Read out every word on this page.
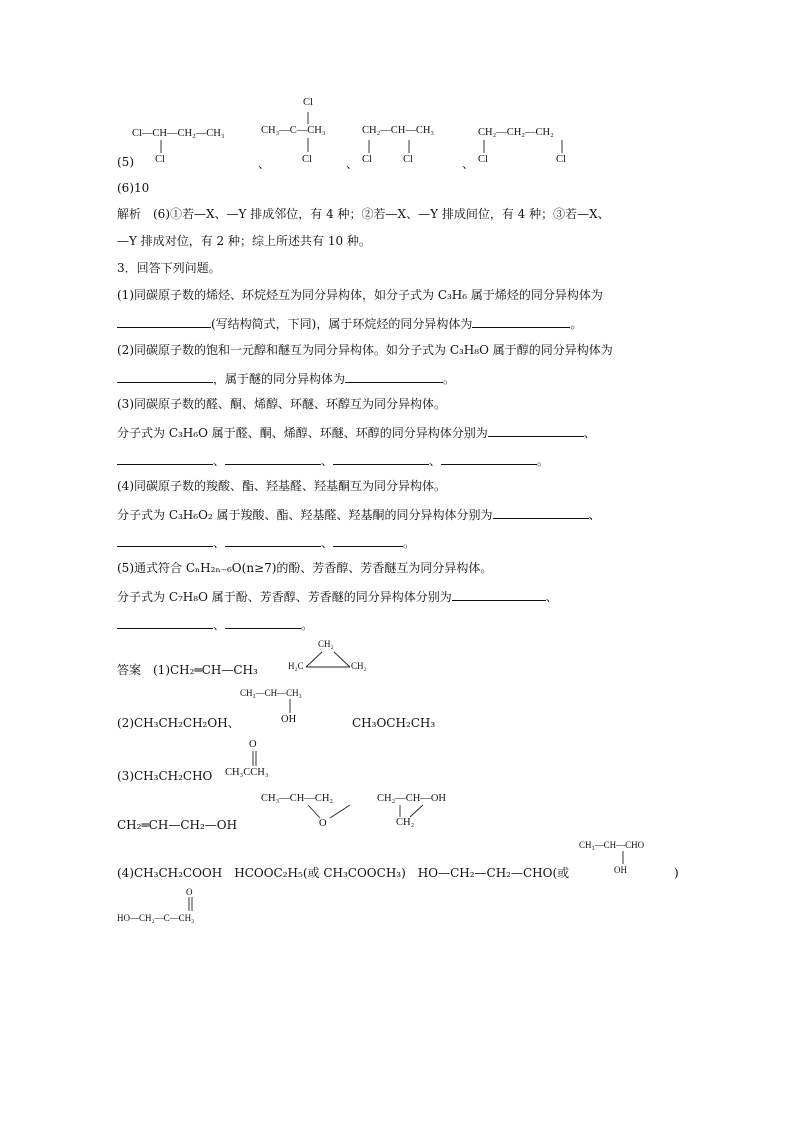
Cl
Cl—CH—CH₂—CH₃	CH₃—C—CH₃	CH₂—CH—CH₃	CH₂—CH₂—CH₂
(5) Cl	、	Cl	、 Cl	Cl	、 Cl	Cl
(6)10
解析　(6)①若—X、—Y 排成邻位，有 4 种；②若—X、—Y 排成间位，有 4 种；③若—X、
—Y 排成对位，有 2 种；综上所述共有 10 种。
3．回答下列问题。
(1)同碳原子数的烯烃、环烷烃互为同分异构体，如分子式为 C₃H₆ 属于烯烃的同分异构体为
(写结构简式，下同)，属于环烷烃的同分异构体为	。
(2)同碳原子数的饱和一元醇和醚互为同分异构体。如分子式为 C₃H₈O 属于醇的同分异构体为
，属于醚的同分异构体为	。
(3)同碳原子数的醛、酮、烯醇、环醚、环醇互为同分异构体。
分子式为 C₃H₆O 属于醛、酮、烯醇、环醚、环醇的同分异构体分别为	、
、	、	、	。
(4)同碳原子数的羧酸、酯、羟基醛、羟基酮互为同分异构体。
分子式为 C₃H₆O₂ 属于羧酸、酯、羟基醛、羟基酮的同分异构体分别为	、
、	、	。
(5)通式符合 CₙH₂ₙ₋₆O(n≥7)的酚、芳香醇、芳香醚互为同分异构体。
分子式为 C₇H₈O 属于酚、芳香醇、芳香醚的同分异构体分别为	、
、	。
CH₂
答案　(1)CH₂═CH—CH₃	H₂C	CH₂
CH₃—CH—CH₃
(2)CH₃CH₂CH₂OH、	OH	CH₃OCH₂CH₃
O
(3)CH₃CH₂CHO CH₃CCH₃
CH₃—CH—CH₂	CH₂—CH—OH
O	CH₂
CH₂═CH—CH₂—OH
CH₃—CH—CHO
(4)CH₃CH₂COOH　HCOOC₂H₅(或 CH₃COOCH₃)　HO—CH₂—CH₂—CHO(或	OH	)
O
HO—CH₂—C—CH₃
